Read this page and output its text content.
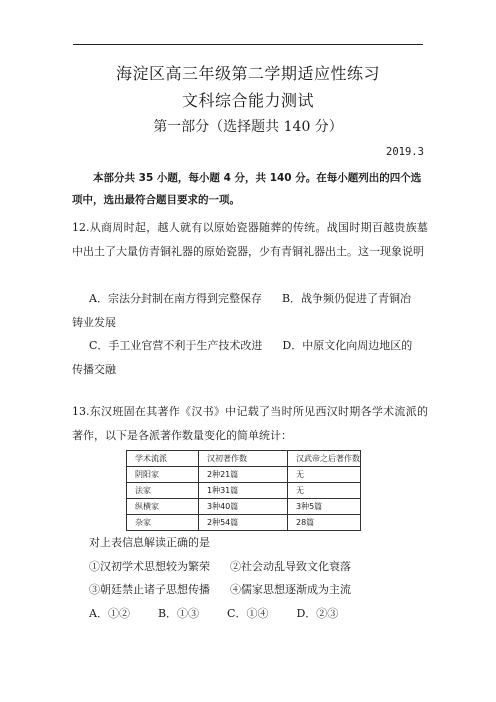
海淀区高三年级第二学期适应性练习
文科综合能力测试
第一部分（选择题共 140 分）
2019.3
本部分共 35 小题，每小题 4 分，共 140 分。在每小题列出的四个选项中，选出最符合题目要求的一项。
12.从商周时起，越人就有以原始瓷器随葬的传统。战国时期百越贵族墓中出土了大量仿青铜礼器的原始瓷器，少有青铜礼器出土。这一现象说明
A．宗法分封制在南方得到完整保存 B．战争频仍促进了青铜冶
铸业发展
C．手工业官营不利于生产技术改进 D．中原文化向周边地区的
传播交融
13.东汉班固在其著作《汉书》中记载了当时所见西汉时期各学术流派的著作，以下是各派著作数量变化的简单统计：
学术流派	汉初著作数	汉武帝之后著作数
阴阳家	2种21篇	无
法家	1种31篇	无
纵横家	3种40篇	3种5篇
杂家	2种54篇	28篇
对上表信息解读正确的是
①汉初学术思想较为繁荣 ②社会动乱导致文化衰落
③朝廷禁止诸子思想传播 ④儒家思想逐渐成为主流
A．①②	B．①③	C．①④	D．②③
